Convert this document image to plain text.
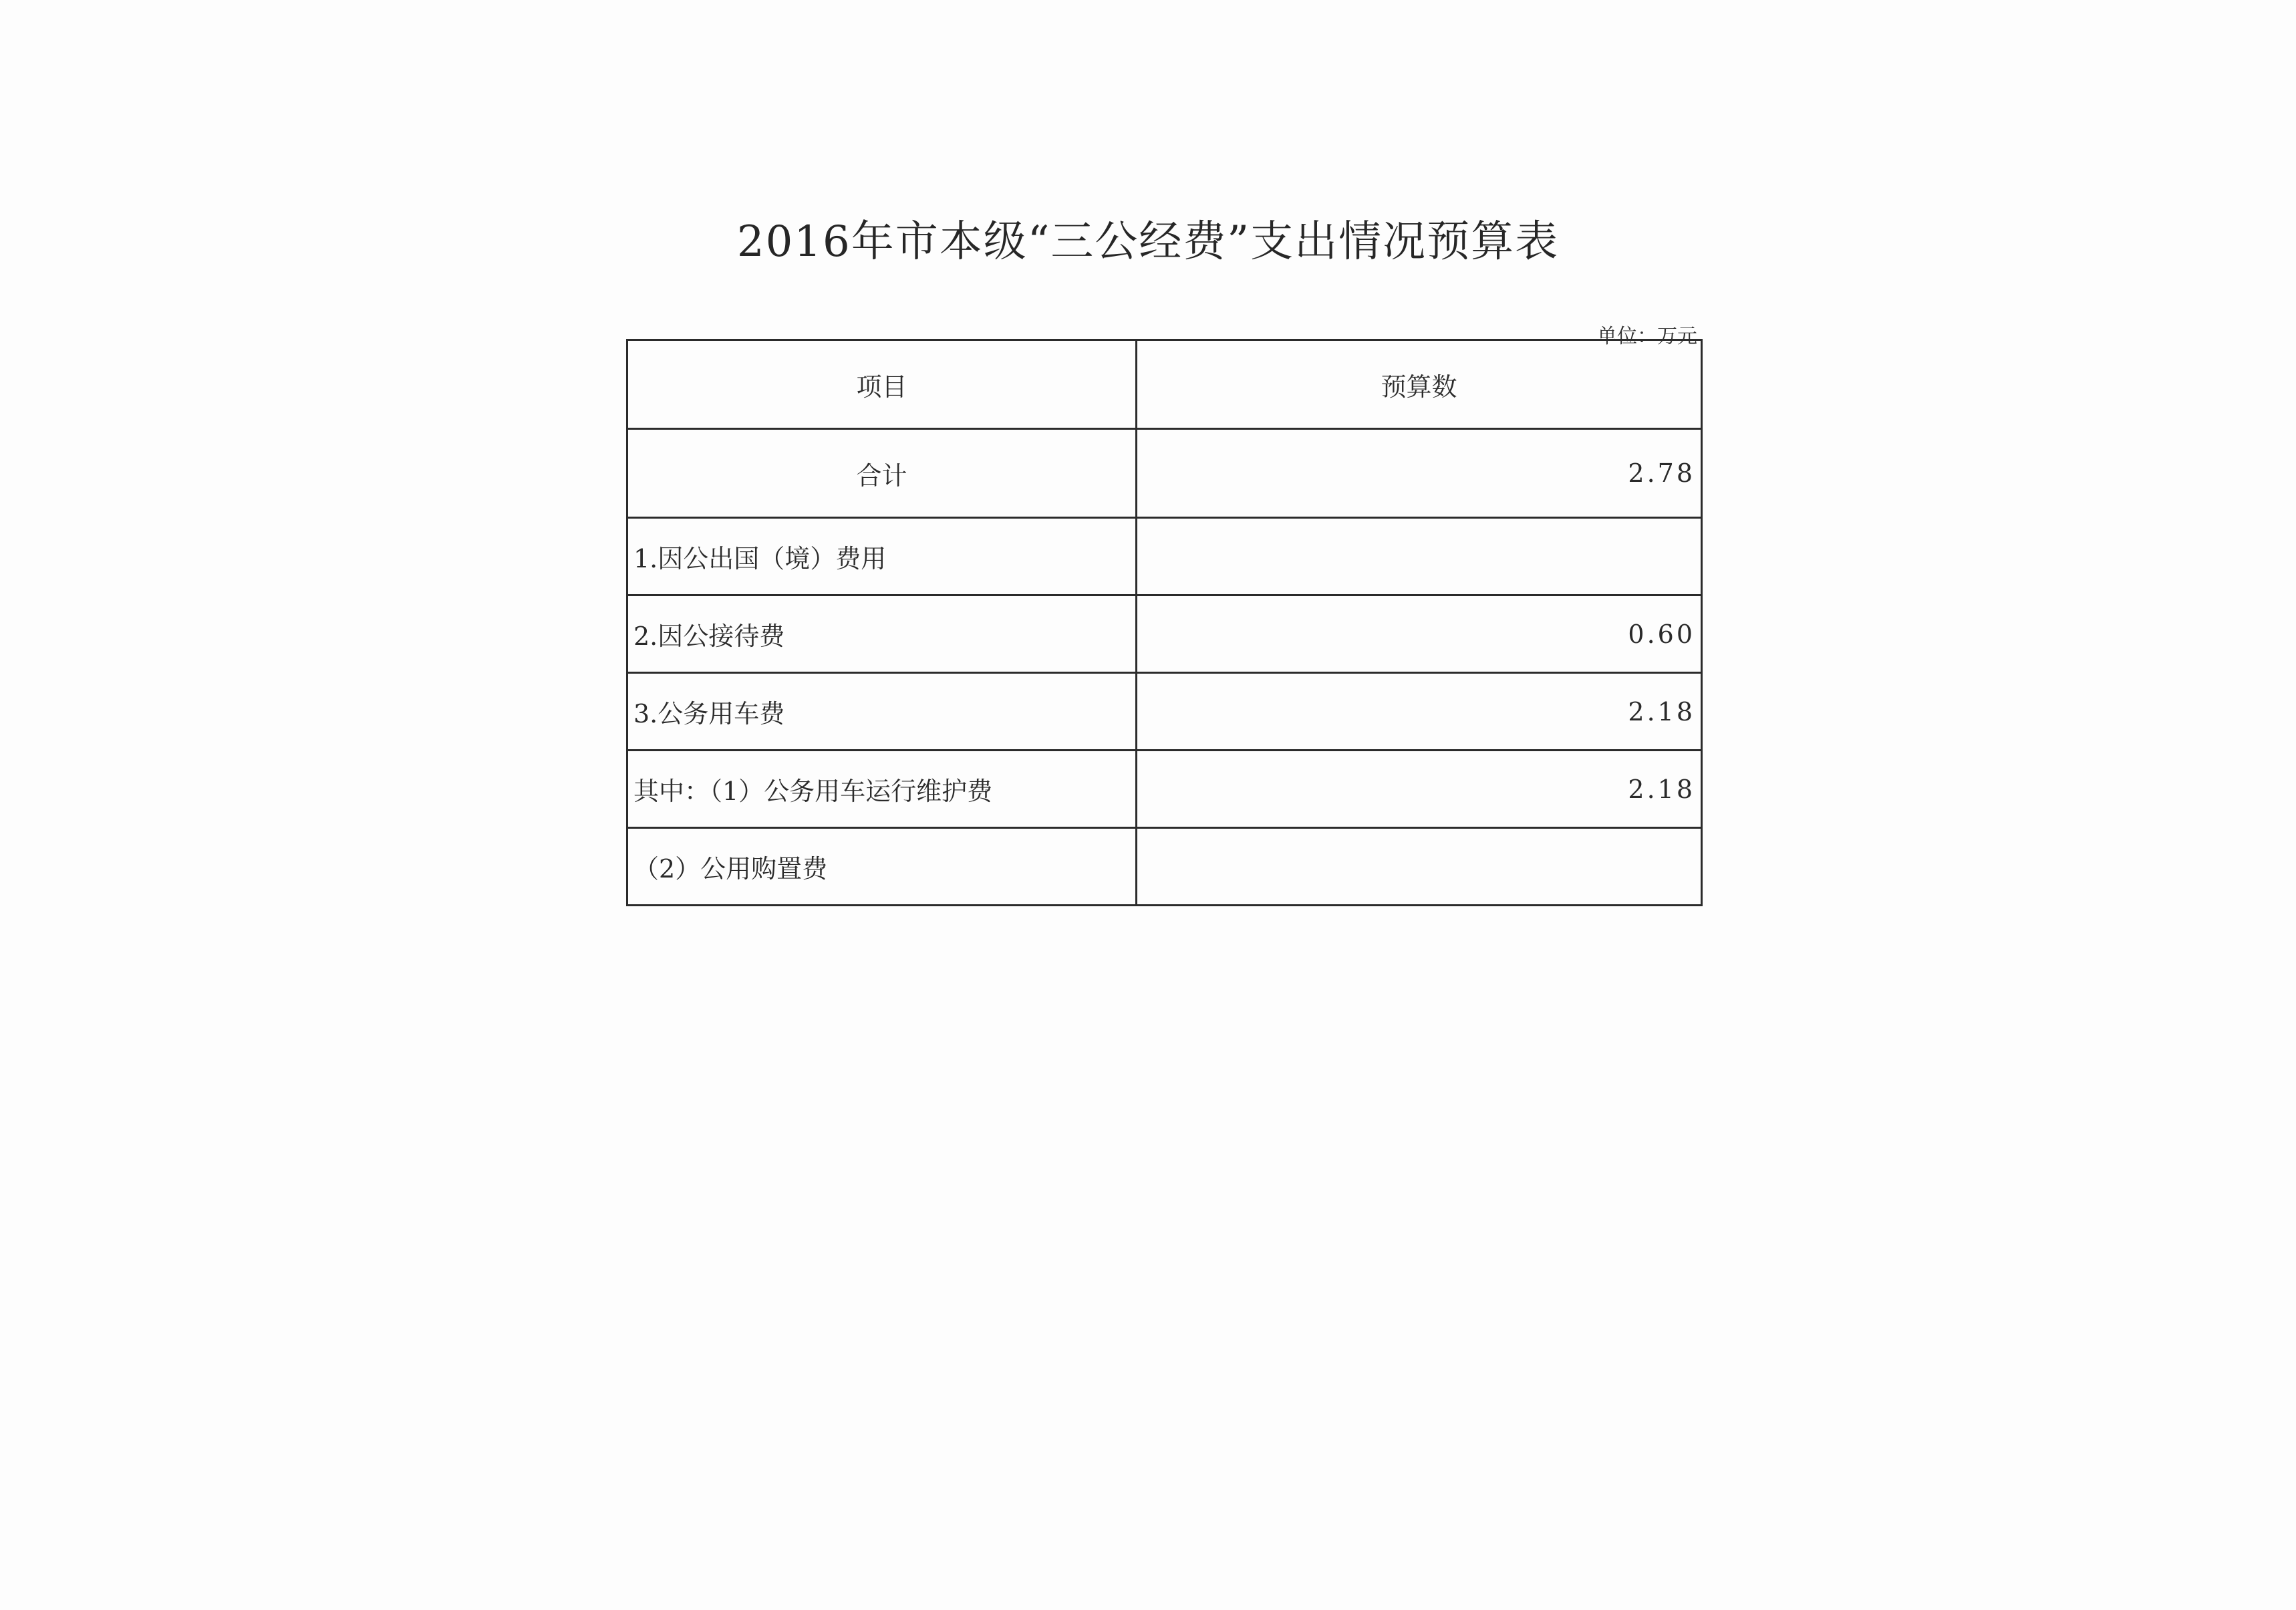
2016年市本级“三公经费”支出情况预算表
单位：万元
项目	预算数
合计	2.78
1.因公出国（境）费用	
2.因公接待费	0.60
3.公务用车费	2.18
其中：（1）公务用车运行维护费	2.18
（2）公用购置费	
